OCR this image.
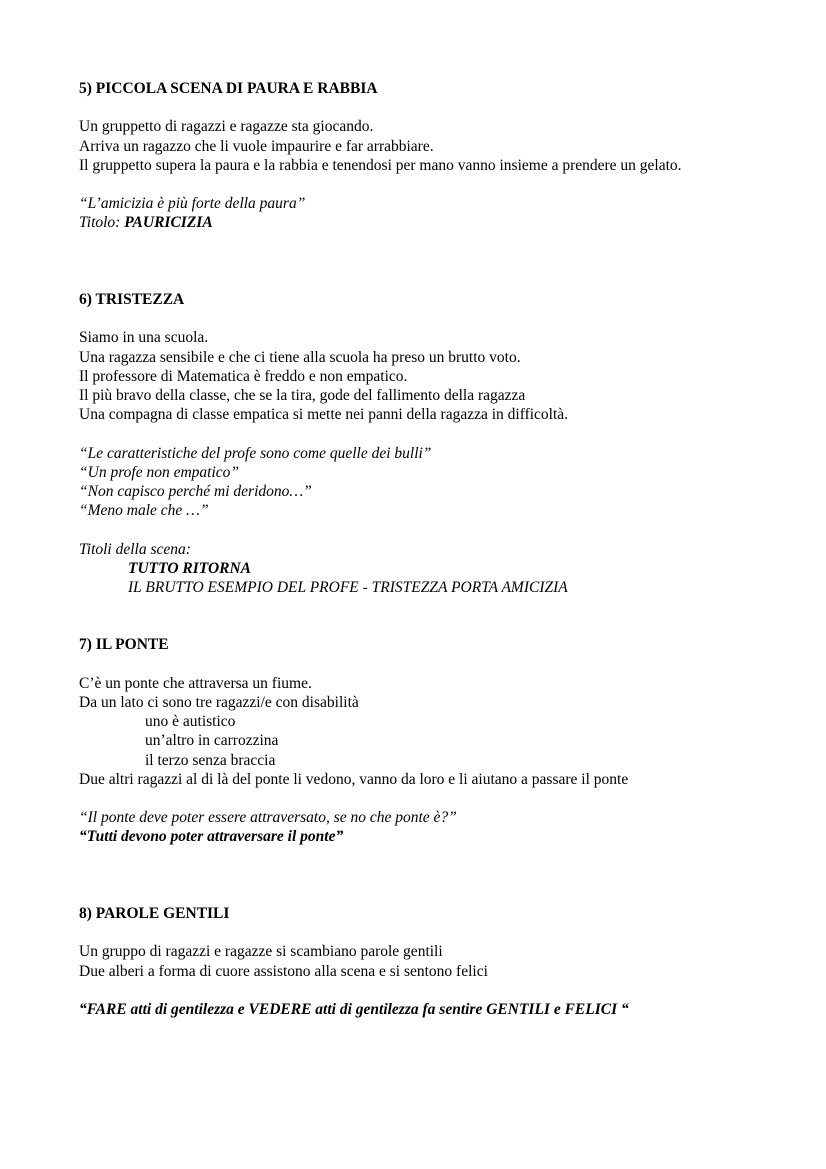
5) PICCOLA SCENA DI PAURA E RABBIA
Un gruppetto di ragazzi e ragazze sta giocando.
Arriva un ragazzo che li vuole impaurire e far arrabbiare.
Il gruppetto supera la paura e la rabbia e tenendosi per mano vanno insieme a prendere un gelato.
“L’amicizia è più forte della paura”
Titolo: PAURICIZIA
6) TRISTEZZA
Siamo in una scuola.
Una ragazza sensibile e che ci tiene alla scuola ha preso un brutto voto.
Il professore di Matematica è freddo e non empatico.
Il più bravo della classe, che se la tira, gode del fallimento della ragazza
Una compagna di classe empatica si mette nei panni della ragazza in difficoltà.
“Le caratteristiche del profe sono come quelle dei bulli”
“Un profe non empatico”
“Non capisco perché mi deridono…”
“Meno male che …”
Titoli della scena:
TUTTO RITORNA
IL BRUTTO ESEMPIO DEL PROFE - TRISTEZZA PORTA AMICIZIA
7) IL PONTE
C’è un ponte che attraversa un fiume.
Da un lato ci sono tre ragazzi/e con disabilità
uno è autistico
un’altro in carrozzina
il terzo senza braccia
Due altri ragazzi al di là del ponte li vedono, vanno da loro e li aiutano a passare il ponte
“Il ponte deve poter essere attraversato, se no che ponte è?”
“Tutti devono poter attraversare il ponte”
8) PAROLE GENTILI
Un gruppo di ragazzi e ragazze si scambiano parole gentili
Due alberi a forma di cuore assistono alla scena e si sentono felici
“FARE atti di gentilezza e VEDERE atti di gentilezza fa sentire GENTILI e FELICI “
